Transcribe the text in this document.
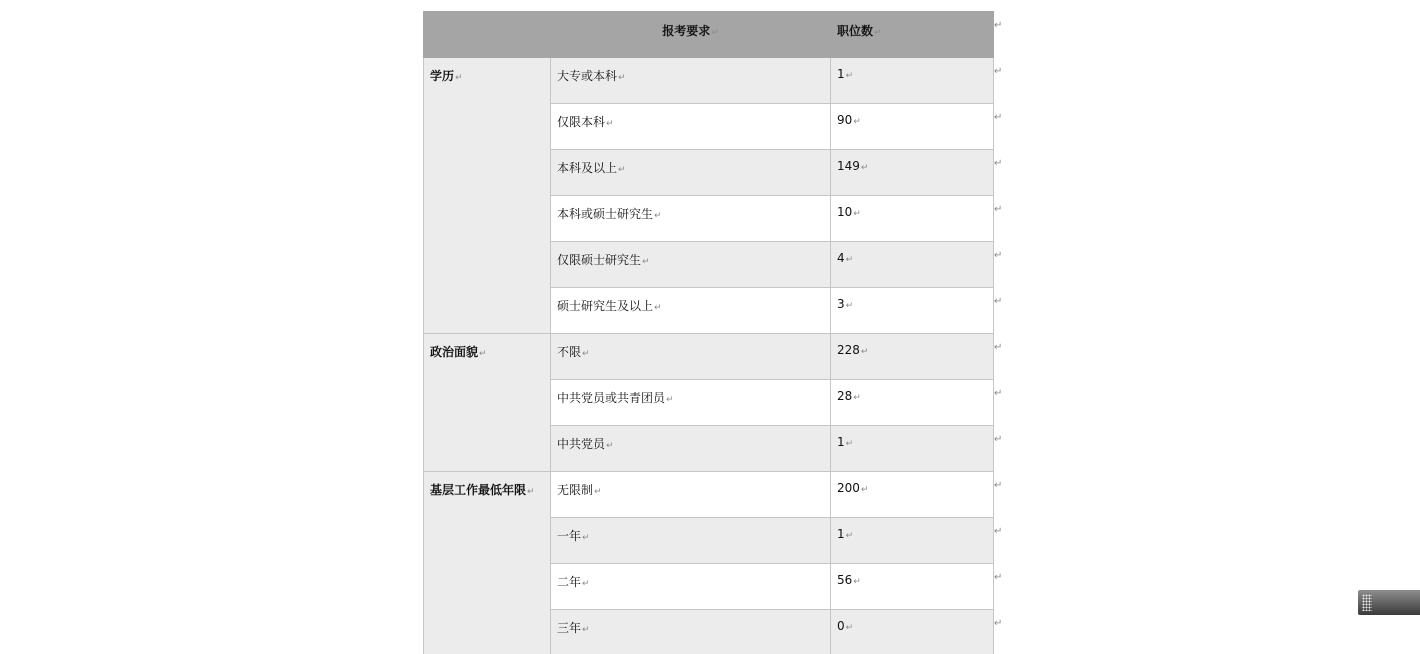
	报考要求↵	职位数↵
学历↵	大专或本科↵	1↵
	仅限本科↵	90↵
	本科及以上↵	149↵
	本科或硕士研究生↵	10↵
	仅限硕士研究生↵	4↵
	硕士研究生及以上↵	3↵
政治面貌↵	不限↵	228↵
	中共党员或共青团员↵	28↵
	中共党员↵	1↵
基层工作最低年限↵	无限制↵	200↵
	一年↵	1↵
	二年↵	56↵
	三年↵	0↵
↵
↵
↵
↵
↵
↵
↵
↵
↵
↵
↵
↵
↵
↵
